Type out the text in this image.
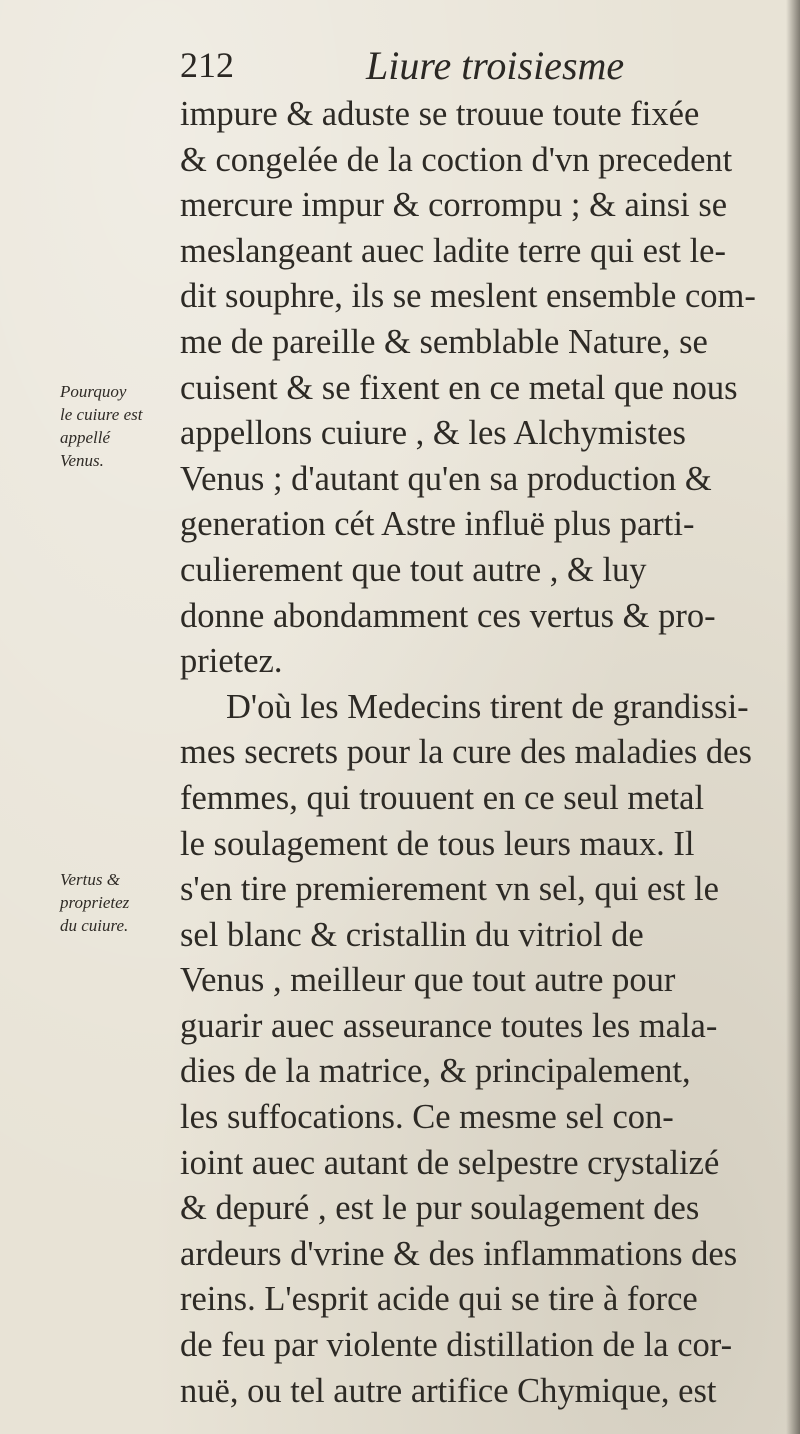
212	Liure troisiesme
impure & aduste se trouue toute fixée
& congelée de la coction d'vn precedent
mercure impur & corrompu ; & ainsi se
meslangeant auec ladite terre qui est le-
dit souphre, ils se meslent ensemble com-
me de pareille & semblable Nature, se
cuisent & se fixent en ce metal que nous
appellons cuiure , & les Alchymistes
Venus ; d'autant qu'en sa production &
generation cét Astre influë plus parti-
culierement que tout autre , & luy
donne abondamment ces vertus & pro-
prietez.
D'où les Medecins tirent de grandissi-
mes secrets pour la cure des maladies des
femmes, qui trouuent en ce seul metal
le soulagement de tous leurs maux. Il
s'en tire premierement vn sel, qui est le
sel blanc & cristallin du vitriol de
Venus , meilleur que tout autre pour
guarir auec asseurance toutes les mala-
dies de la matrice, & principalement,
les suffocations. Ce mesme sel con-
ioint auec autant de selpestre crystalizé
& depuré , est le pur soulagement des
ardeurs d'vrine & des inflammations des
reins. L'esprit acide qui se tire à force
de feu par violente distillation de la cor-
nuë, ou tel autre artifice Chymique, est
Pourquoy
le cuiure est
appellé
Venus.
Vertus &
proprietez
du cuiure.
